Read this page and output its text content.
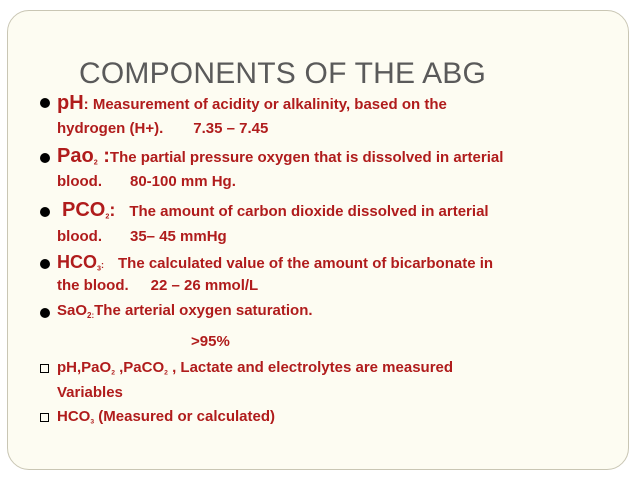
COMPONENTS OF THE ABG
pH: Measurement of acidity or alkalinity, based on the
hydrogen (H+). 7.35 – 7.45
Pao$_2$ :The partial pressure oxygen that is dissolved in arterial
blood. 80-100 mm Hg.
$PCO_2$: The amount of carbon dioxide dissolved in arterial
blood. 35– 45 mmHg
$HCO_3$: The calculated value of the amount of bicarbonate in
the blood. 22 – 26 mmol/L
SaO$_{2:}$The arterial oxygen saturation.
>95%
pH,PaO$_2$ ,PaCO$_2$ , Lactate and electrolytes are measured
Variables
$HCO_3$ (Measured or calculated)
